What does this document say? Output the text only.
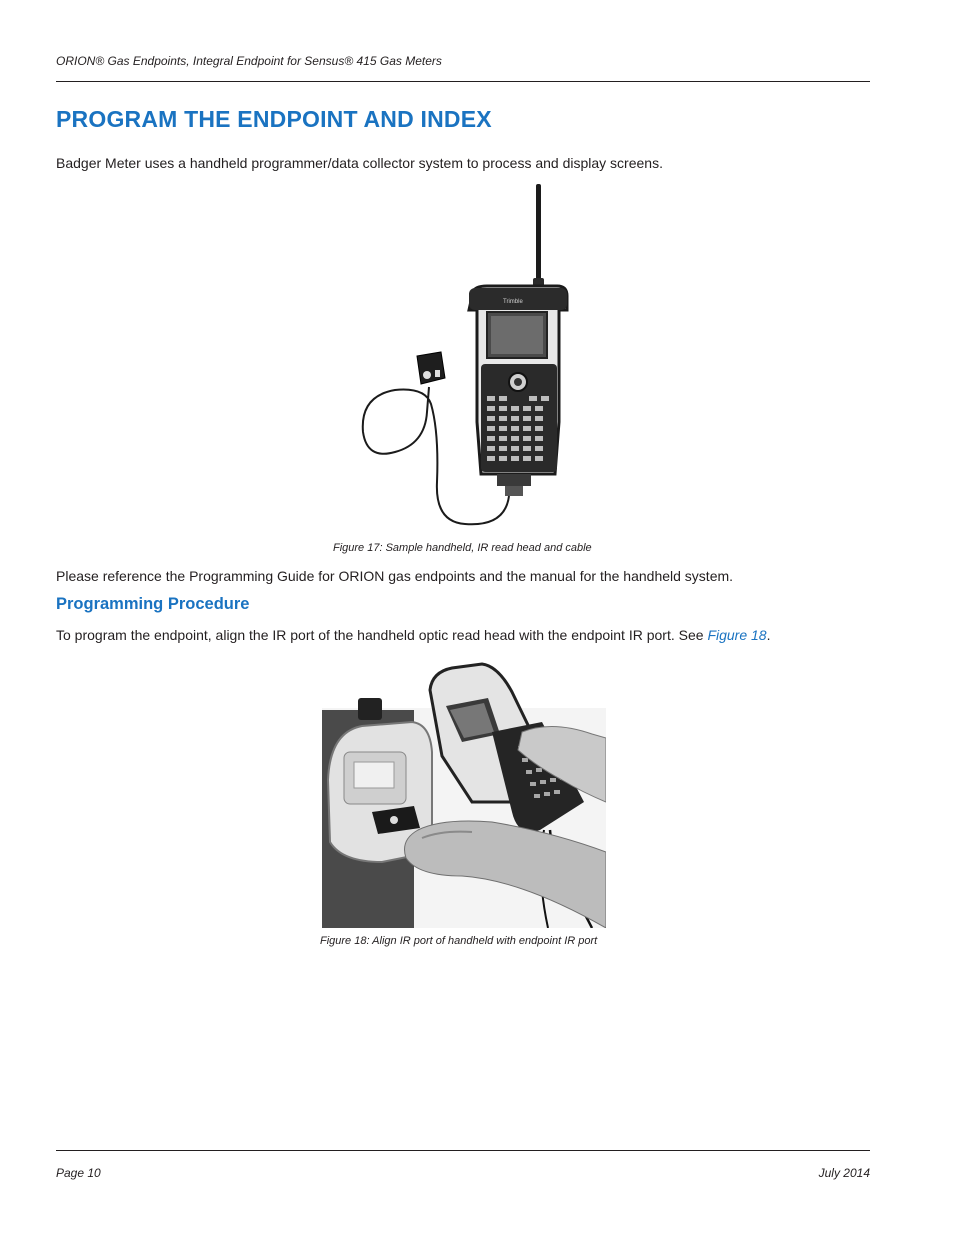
ORION® Gas Endpoints, Integral Endpoint for Sensus® 415 Gas Meters
PROGRAM THE ENDPOINT AND INDEX

Badger Meter uses a handheld programmer/data collector system to process and display screens.

Trimble
Figure 17: Sample handheld, IR read head and cable

Please reference the Programming Guide for ORION gas endpoints and the manual for the handheld system.

Programming Procedure

To program the endpoint, align the IR port of the handheld optic read head with the endpoint IR port. See Figure 18.

Figure 18: Align IR port of handheld with endpoint IR port
Page 10	July 2014
